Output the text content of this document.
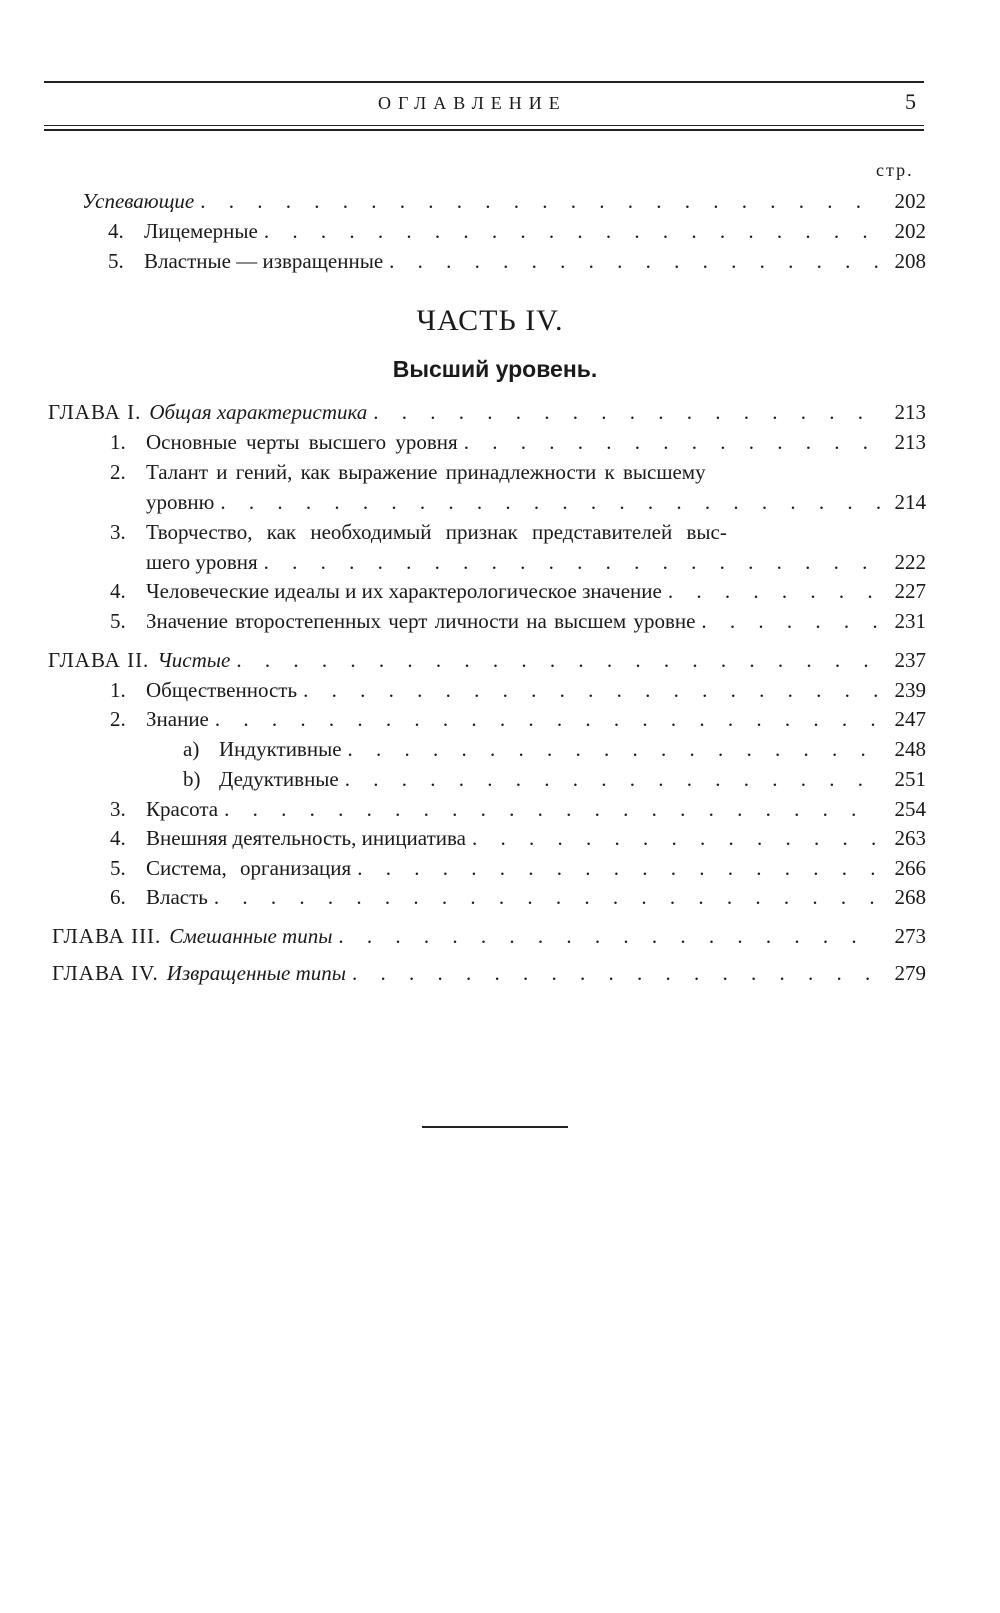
ОГЛАВЛЕНИЕ	5
стр.
Успевающие . . .	202
4. Лицемерные . . .	202
5. Властные — извращенные . . .	208
ЧАСТЬ IV.
Высший уровень.
ГЛАВА I. Общая характеристика . . .	213
1. Основные черты высшего уровня . . .	213
2. Талант и гений, как выражение принадлежности к высшему
уровню . . .	214
3. Творчество, как необходимый признак представителей выс-
шего уровня . . .	222
4. Человеческие идеалы и их характерологическое значение . . .	227
5. Значение второстепенных черт личности на высшем уровне . . .	231
ГЛАВА II. Чистые . . .	237
1. Общественность . . .	239
2. Знание . . .	247
a) Индуктивные . . .	248
b) Дедуктивные . . .	251
3. Красота . . .	254
4. Внешняя деятельность, инициатива . . .	263
5. Система, организация . . .	266
6. Власть . . .	268
ГЛАВА III. Смешанные типы . . .	273
ГЛАВА IV. Извращенные типы . . .	279
